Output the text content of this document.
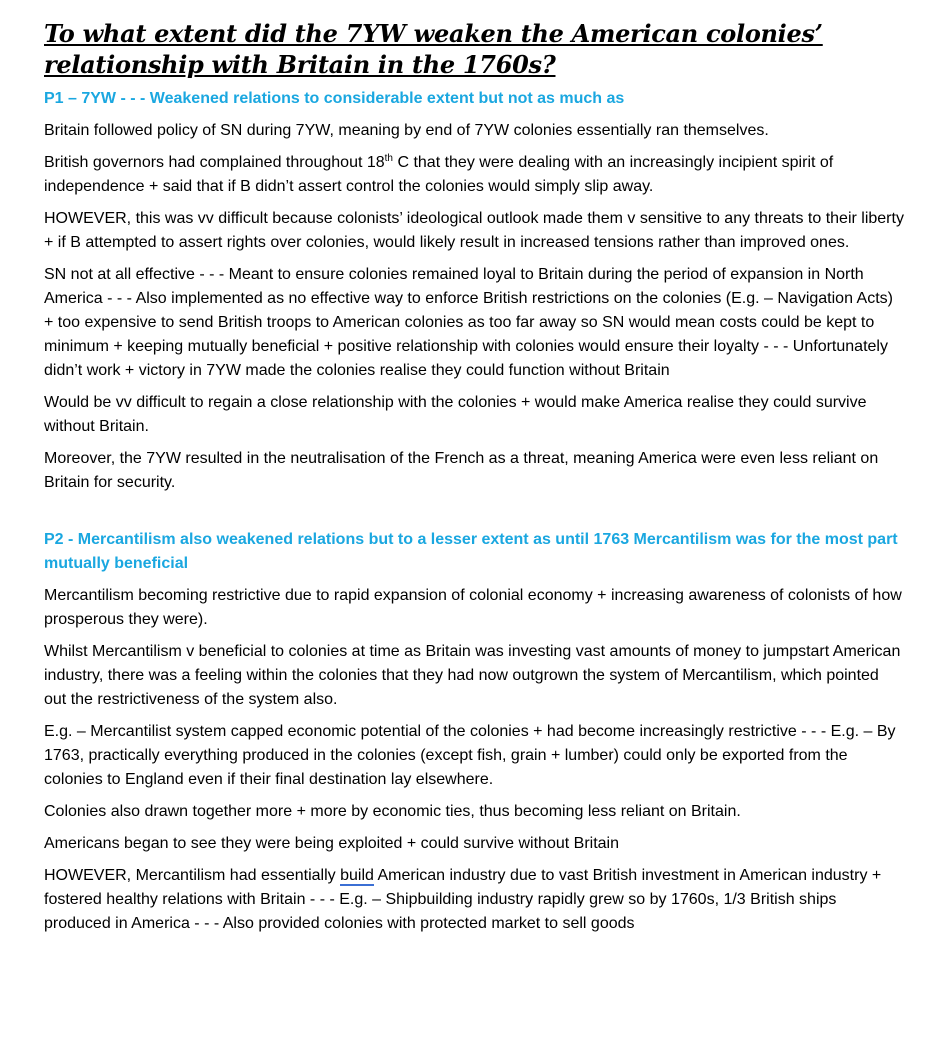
To what extent did the 7YW weaken the American colonies’
relationship with Britain in the 1760s?
P1 – 7YW - - - Weakened relations to considerable extent but not as much as
Britain followed policy of SN during 7YW, meaning by end of 7YW colonies essentially ran themselves.
British governors had complained throughout 18th C that they were dealing with an increasingly incipient spirit of independence + said that if B didn’t assert control the colonies would simply slip away.
HOWEVER, this was vv difficult because colonists’ ideological outlook made them v sensitive to any threats to their liberty + if B attempted to assert rights over colonies, would likely result in increased tensions rather than improved ones.
SN not at all effective - - - Meant to ensure colonies remained loyal to Britain during the period of expansion in North America - - - Also implemented as no effective way to enforce British restrictions on the colonies (E.g. – Navigation Acts) + too expensive to send British troops to American colonies as too far away so SN would mean costs could be kept to minimum + keeping mutually beneficial + positive relationship with colonies would ensure their loyalty - - - Unfortunately didn’t work + victory in 7YW made the colonies realise they could function without Britain
Would be vv difficult to regain a close relationship with the colonies + would make America realise they could survive without Britain.
Moreover, the 7YW resulted in the neutralisation of the French as a threat, meaning America were even less reliant on Britain for security.
P2 - Mercantilism also weakened relations but to a lesser extent as until 1763 Mercantilism was for the most part mutually beneficial
Mercantilism becoming restrictive due to rapid expansion of colonial economy + increasing awareness of colonists of how prosperous they were).
Whilst Mercantilism v beneficial to colonies at time as Britain was investing vast amounts of money to jumpstart American industry, there was a feeling within the colonies that they had now outgrown the system of Mercantilism, which pointed out the restrictiveness of the system also.
E.g. – Mercantilist system capped economic potential of the colonies + had become increasingly restrictive - - - E.g. – By 1763, practically everything produced in the colonies (except fish, grain + lumber) could only be exported from the colonies to England even if their final destination lay elsewhere.
Colonies also drawn together more + more by economic ties, thus becoming less reliant on Britain.
Americans began to see they were being exploited + could survive without Britain
HOWEVER, Mercantilism had essentially build American industry due to vast British investment in American industry + fostered healthy relations with Britain - - - E.g. – Shipbuilding industry rapidly grew so by 1760s, 1/3 British ships produced in America - - - Also provided colonies with protected market to sell goods
